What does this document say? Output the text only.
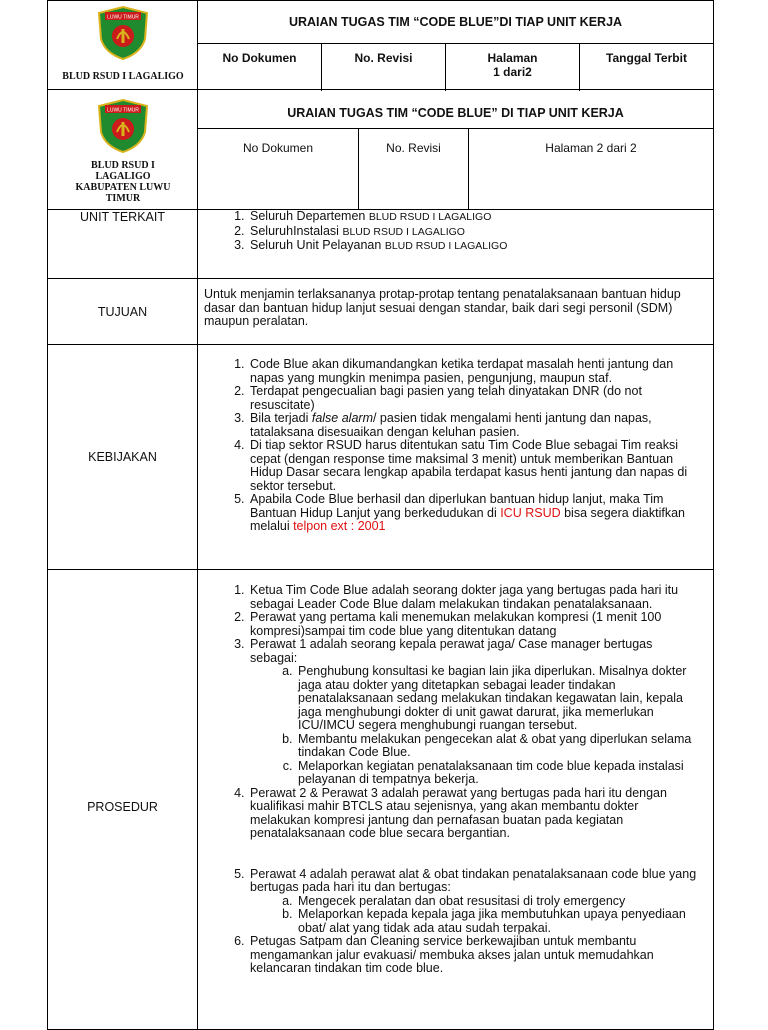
LUWU TIMUR
BLUD RSUD I LAGALIGO
URAIAN TUGAS TIM “CODE BLUE”DI TIAP UNIT KERJA
No Dokumen	No. Revisi	Halaman
1 dari2
Tanggal Terbit
LUWU TIMUR
BLUD RSUD I
LAGALIGO
KABUPATEN LUWU
TIMUR
URAIAN TUGAS TIM “CODE BLUE” DI TIAP UNIT KERJA
No Dokumen	No. Revisi	Halaman 2 dari 2
UNIT TERKAIT
1.	Seluruh Departemen BLUD RSUD I LAGALIGO
2. SeluruhInstalasi BLUD RSUD I LAGALIGO
3. Seluruh Unit Pelayanan BLUD RSUD I LAGALIGO
TUJUAN
Untuk menjamin terlaksananya protap-protap tentang penatalaksanaan bantuan hidup dasar dan bantuan hidup lanjut sesuai dengan standar, baik dari segi personil (SDM) maupun peralatan.
KEBIJAKAN
1. Code Blue akan dikumandangkan ketika terdapat masalah henti jantung dan napas yang mungkin menimpa pasien, pengunjung, maupun staf.
2. Terdapat pengecualian bagi pasien yang telah dinyatakan DNR (do not resuscitate)
3. Bila terjadi false alarm/ pasien tidak mengalami henti jantung dan napas, tatalaksana disesuaikan dengan keluhan pasien.
4. Di tiap sektor RSUD harus ditentukan satu Tim Code Blue sebagai Tim reaksi cepat (dengan response time maksimal 3 menit) untuk memberikan Bantuan Hidup Dasar secara lengkap apabila terdapat kasus henti jantung dan napas di sektor tersebut.
5. Apabila Code Blue berhasil dan diperlukan bantuan hidup lanjut, maka Tim Bantuan Hidup Lanjut yang berkedudukan di ICU RSUD bisa segera diaktifkan melalui telpon ext : 2001
PROSEDUR
1. Ketua Tim Code Blue adalah seorang dokter jaga yang bertugas pada hari itu sebagai Leader Code Blue dalam melakukan tindakan penatalaksanaan.
2. Perawat yang pertama kali menemukan melakukan kompresi (1 menit 100 kompresi)sampai tim code blue yang ditentukan datang
3. Perawat 1 adalah seorang kepala perawat jaga/ Case manager bertugas sebagai:
a. Penghubung konsultasi ke bagian lain jika diperlukan. Misalnya dokter jaga atau dokter yang ditetapkan sebagai leader tindakan penatalaksanaan sedang melakukan tindakan kegawatan lain, kepala jaga menghubungi dokter di unit gawat darurat, jika memerlukan ICU/IMCU segera menghubungi ruangan tersebut.
b. Membantu melakukan pengecekan alat & obat yang diperlukan selama tindakan Code Blue.
c. Melaporkan kegiatan penatalaksanaan tim code blue kepada instalasi pelayanan di tempatnya bekerja.
4. Perawat 2 & Perawat 3 adalah perawat yang bertugas pada hari itu dengan kualifikasi mahir BTCLS atau sejenisnya, yang akan membantu dokter melakukan kompresi jantung dan pernafasan buatan pada kegiatan penatalaksanaan code blue secara bergantian.
5. Perawat 4 adalah perawat alat & obat tindakan penatalaksanaan code blue yang bertugas pada hari itu dan bertugas:
a. Mengecek peralatan dan obat resusitasi di troly emergency
b. Melaporkan kepada kepala jaga jika membutuhkan upaya penyediaan obat/ alat yang tidak ada atau sudah terpakai.
6. Petugas Satpam dan Cleaning service berkewajiban untuk membantu mengamankan jalur evakuasi/ membuka akses jalan untuk memudahkan kelancaran tindakan tim code blue.
